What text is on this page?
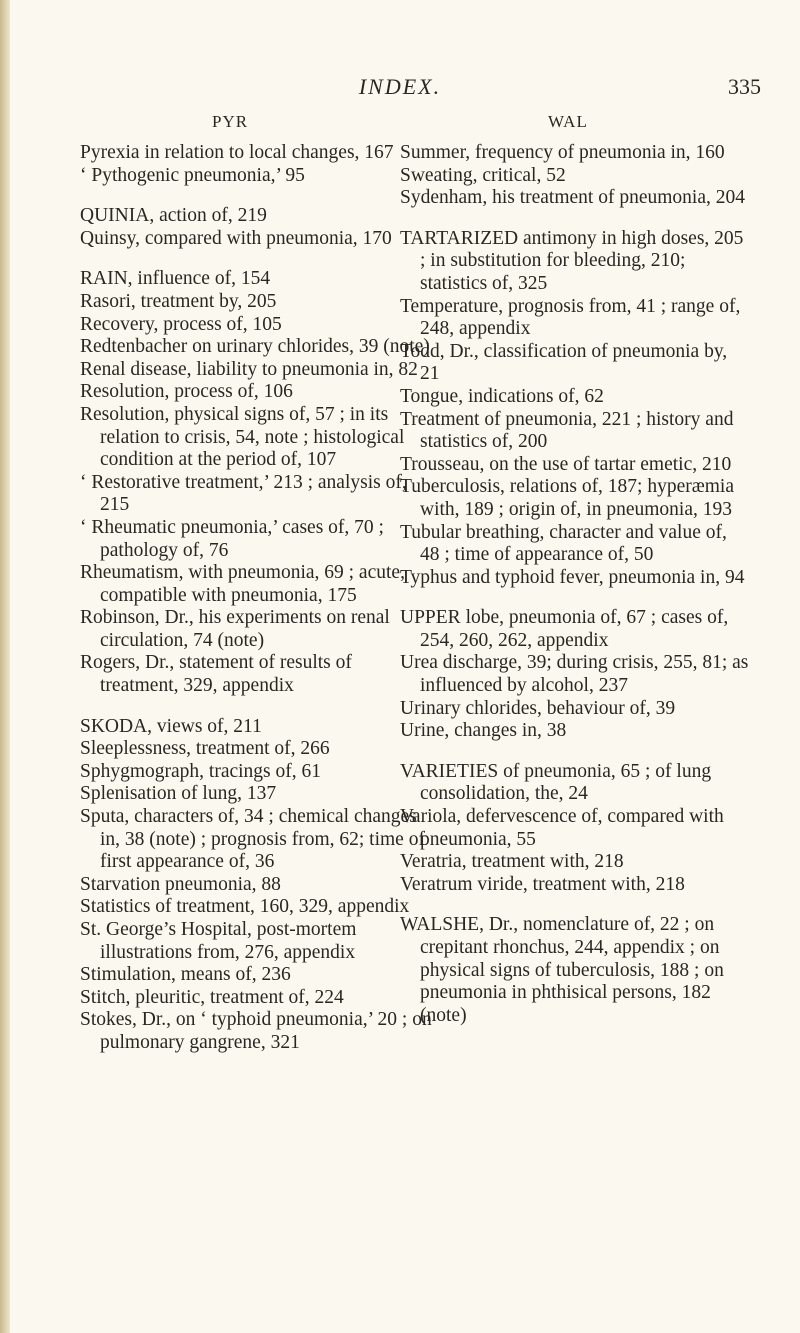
INDEX.	335
PYR	WAL

Pyrexia in relation to local changes, 167

‘ Pythogenic pneumonia,’ 95

QUINIA, action of, 219

Quinsy, compared with pneumonia, 170

RAIN, influence of, 154

Rasori, treatment by, 205

Recovery, process of, 105

Redtenbacher on urinary chlorides, 39 (note)

Renal disease, liability to pneumonia in, 82

Resolution, process of, 106

Resolution, physical signs of, 57 ; in its relation to crisis, 54, note ; histological condition at the period of, 107

‘ Restorative treatment,’ 213 ; analysis of, 215

‘ Rheumatic pneumonia,’ cases of, 70 ; pathology of, 76

Rheumatism, with pneumonia, 69 ; acute, compatible with pneumonia, 175

Robinson, Dr., his experiments on renal circulation, 74 (note)

Rogers, Dr., statement of results of treatment, 329, appendix

SKODA, views of, 211

Sleeplessness, treatment of, 266

Sphygmograph, tracings of, 61

Splenisation of lung, 137

Sputa, characters of, 34 ; chemical changes in, 38 (note) ; prognosis from, 62; time of first appearance of, 36

Starvation pneumonia, 88

Statistics of treatment, 160, 329, appendix

St. George’s Hospital, post-mortem illustrations from, 276, appendix

Stimulation, means of, 236

Stitch, pleuritic, treatment of, 224

Stokes, Dr., on ‘ typhoid pneumonia,’ 20 ; on pulmonary gangrene, 321

Summer, frequency of pneumonia in, 160

Sweating, critical, 52

Sydenham, his treatment of pneumonia, 204

TARTARIZED antimony in high doses, 205 ; in substitution for bleeding, 210; statistics of, 325

Temperature, prognosis from, 41 ; range of, 248, appendix

Todd, Dr., classification of pneumonia by, 21

Tongue, indications of, 62

Treatment of pneumonia, 221 ; history and statistics of, 200

Trousseau, on the use of tartar emetic, 210

Tuberculosis, relations of, 187; hyperæmia with, 189 ; origin of, in pneumonia, 193

Tubular breathing, character and value of, 48 ; time of appearance of, 50

Typhus and typhoid fever, pneumonia in, 94

UPPER lobe, pneumonia of, 67 ; cases of, 254, 260, 262, appendix

Urea discharge, 39; during crisis, 255, 81; as influenced by alcohol, 237

Urinary chlorides, behaviour of, 39

Urine, changes in, 38

VARIETIES of pneumonia, 65 ; of lung consolidation, the, 24

Variola, defervescence of, compared with pneumonia, 55

Veratria, treatment with, 218

Veratrum viride, treatment with, 218

WALSHE, Dr., nomenclature of, 22 ; on crepitant rhonchus, 244, appendix ; on physical signs of tuberculosis, 188 ; on pneumonia in phthisical persons, 182 (note)
